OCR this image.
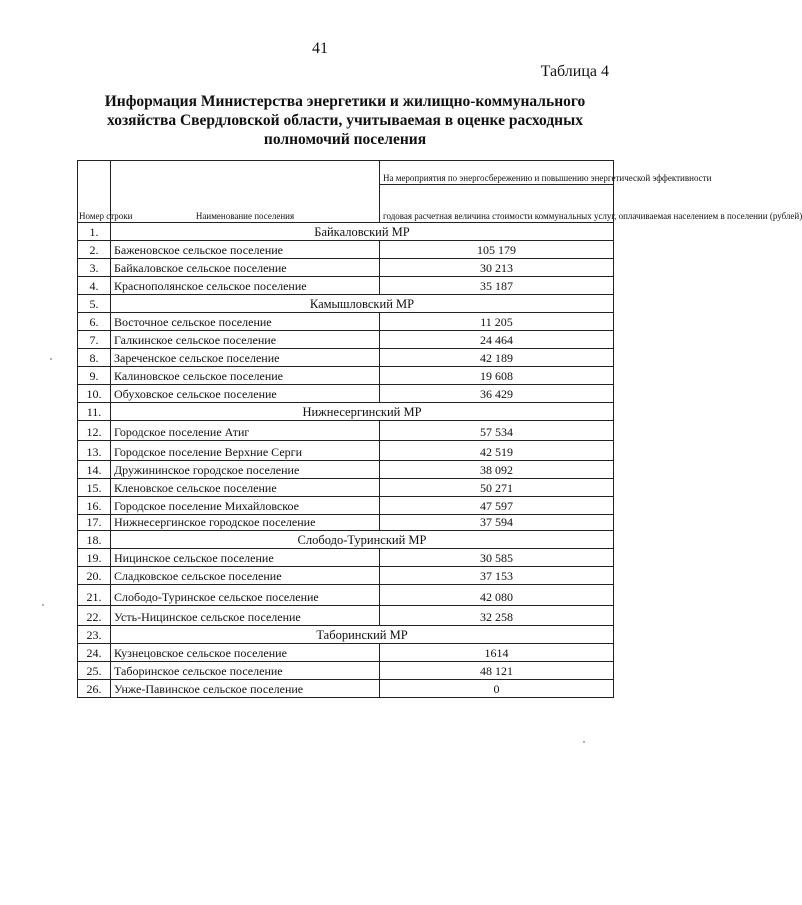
41
Таблица 4
Информация Министерства энергетики и жилищно-коммунального хозяйства Свердловской области, учитываемая в оценке расходных полномочий поселения
Номер строки	Наименование поселения	На мероприятия по энергосбережению и повышению энергетической эффективности
		годовая расчетная величина стоимости коммунальных услуг, оплачиваемая населением в поселении (рублей)
1.	Байкаловский МР	
2.	Баженовское сельское поселение	105 179
3.	Байкаловское сельское поселение	30 213
4.	Краснополянское сельское поселение	35 187
5.	Камышловский МР	
6.	Восточное сельское поселение	11 205
7.	Галкинское сельское поселение	24 464
8.	Зареченское сельское поселение	42 189
9.	Калиновское сельское поселение	19 608
10.	Обуховское сельское поселение	36 429
11.	Нижнесергинский МР	
12.	Городское поселение Атиг	57 534
13.	Городское поселение Верхние Серги	42 519
14.	Дружининское городское поселение	38 092
15.	Кленовское сельское поселение	50 271
16.	Городское поселение Михайловское	47 597
17.	Нижнесергинское городское поселение	37 594
18.	Слободо-Туринский МР	
19.	Ницинское сельское поселение	30 585
20.	Сладковское сельское поселение	37 153
21.	Слободо-Туринское сельское поселение	42 080
22.	Усть-Ницинское сельское поселение	32 258
23.	Таборинский МР	
24.	Кузнецовское сельское поселение	1614
25.	Таборинское сельское поселение	48 121
26.	Унже-Павинское сельское поселение	0
